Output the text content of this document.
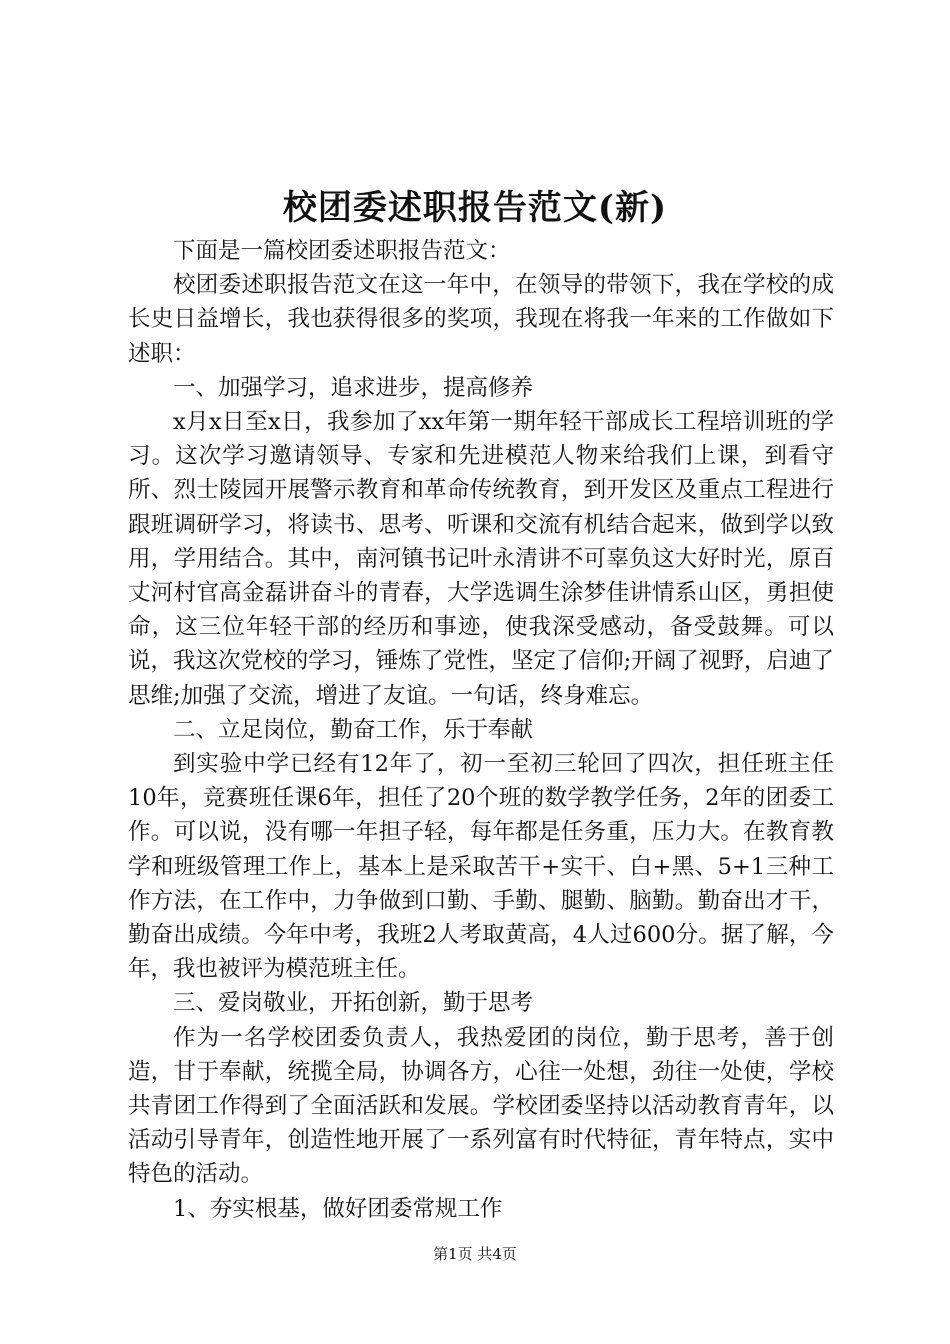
校团委述职报告范文(新)

下面是一篇校团委述职报告范文：

校团委述职报告范文在这一年中，在领导的带领下，我在学校的成长史日益增长，我也获得很多的奖项，我现在将我一年来的工作做如下述职：

一、加强学习，追求进步，提高修养

x月x日至x日，我参加了xx年第一期年轻干部成长工程培训班的学习。这次学习邀请领导、专家和先进模范人物来给我们上课，到看守所、烈士陵园开展警示教育和革命传统教育，到开发区及重点工程进行跟班调研学习，将读书、思考、听课和交流有机结合起来，做到学以致用，学用结合。其中，南河镇书记叶永清讲不可辜负这大好时光，原百丈河村官高金磊讲奋斗的青春，大学选调生涂梦佳讲情系山区，勇担使命，这三位年轻干部的经历和事迹，使我深受感动，备受鼓舞。可以说，我这次党校的学习，锤炼了党性，坚定了信仰;开阔了视野，启迪了思维;加强了交流，增进了友谊。一句话，终身难忘。

二、立足岗位，勤奋工作，乐于奉献

到实验中学已经有12年了，初一至初三轮回了四次，担任班主任10年，竞赛班任课6年，担任了20个班的数学教学任务，2年的团委工作。可以说，没有哪一年担子轻，每年都是任务重，压力大。在教育教学和班级管理工作上，基本上是采取苦干+实干、白+黑、5+1三种工作方法，在工作中，力争做到口勤、手勤、腿勤、脑勤。勤奋出才干，勤奋出成绩。今年中考，我班2人考取黄高，4人过600分。据了解，今年，我也被评为模范班主任。

三、爱岗敬业，开拓创新，勤于思考

作为一名学校团委负责人，我热爱团的岗位，勤于思考，善于创造，甘于奉献，统揽全局，协调各方，心往一处想，劲往一处使，学校共青团工作得到了全面活跃和发展。学校团委坚持以活动教育青年，以活动引导青年，创造性地开展了一系列富有时代特征，青年特点，实中特色的活动。

1、夯实根基，做好团委常规工作

第1页 共4页
